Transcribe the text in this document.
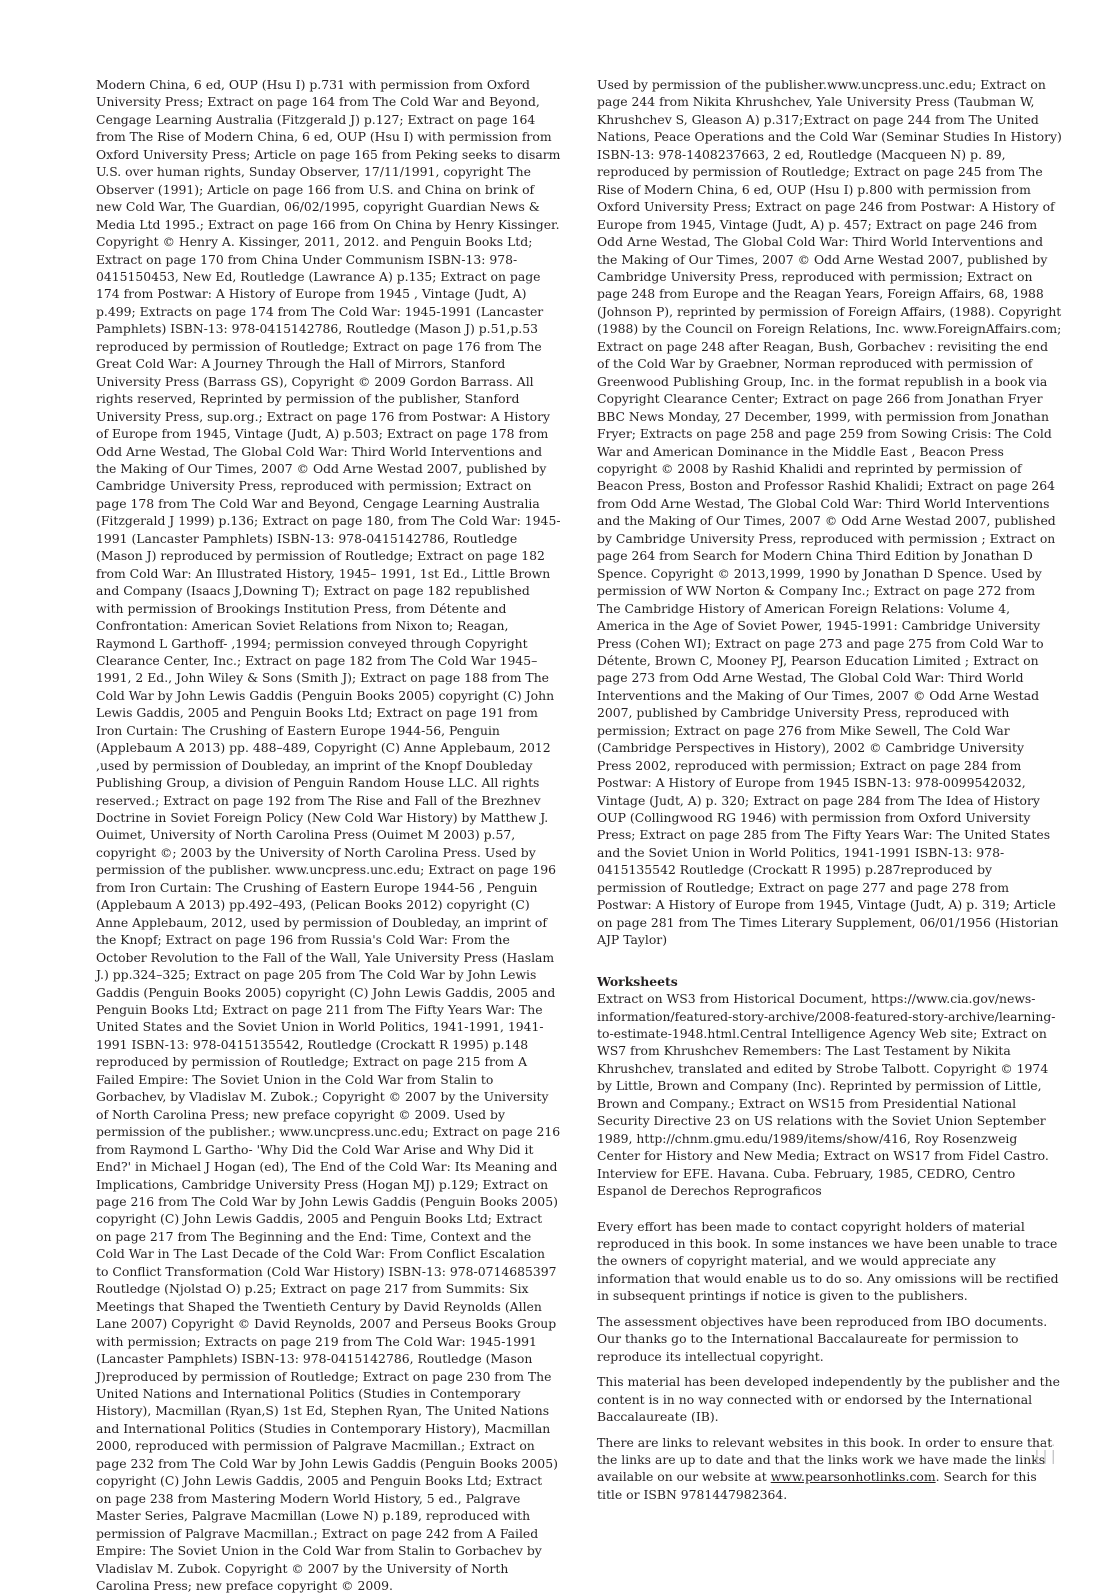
Modern China, 6 ed, OUP (Hsu I) p.731 with permission from Oxford University Press; Extract on page 164 from The Cold War and Beyond, Cengage Learning Australia (Fitzgerald J) p.127; Extract on page 164 from The Rise of Modern China, 6 ed, OUP (Hsu I) with permission from Oxford University Press; Article on page 165 from Peking seeks to disarm U.S. over human rights, Sunday Observer, 17/11/1991, copyright The Observer (1991); Article on page 166 from U.S. and China on brink of new Cold War, The Guardian, 06/02/1995, copyright Guardian News & Media Ltd 1995.; Extract on page 166 from On China by Henry Kissinger. Copyright © Henry A. Kissinger, 2011, 2012. and Penguin Books Ltd; Extract on page 170 from China Under Communism ISBN-13: 978-0415150453, New Ed, Routledge (Lawrance A) p.135; Extract on page 174 from Postwar: A History of Europe from 1945 , Vintage (Judt, A) p.499; Extracts on page 174 from The Cold War: 1945-1991 (Lancaster Pamphlets) ISBN-13: 978-0415142786, Routledge (Mason J) p.51,p.53 reproduced by permission of Routledge; Extract on page 176 from The Great Cold War: A Journey Through the Hall of Mirrors, Stanford University Press (Barrass GS), Copyright © 2009 Gordon Barrass. All rights reserved, Reprinted by permission of the publisher, Stanford University Press, sup.org.; Extract on page 176 from Postwar: A History of Europe from 1945, Vintage (Judt, A) p.503; Extract on page 178 from Odd Arne Westad, The Global Cold War: Third World Interventions and the Making of Our Times, 2007 © Odd Arne Westad 2007, published by Cambridge University Press, reproduced with permission; Extract on page 178 from The Cold War and Beyond, Cengage Learning Australia (Fitzgerald J 1999) p.136; Extract on page 180, from The Cold War: 1945-1991 (Lancaster Pamphlets) ISBN-13: 978-0415142786, Routledge (Mason J) reproduced by permission of Routledge; Extract on page 182 from Cold War: An Illustrated History, 1945– 1991, 1st Ed., Little Brown and Company (Isaacs J,Downing T); Extract on page 182 republished with permission of Brookings Institution Press, from Détente and Confrontation: American Soviet Relations from Nixon to; Reagan, Raymond L Garthoff- ,1994; permission conveyed through Copyright Clearance Center, Inc.; Extract on page 182 from The Cold War 1945–1991, 2 Ed., John Wiley & Sons (Smith J); Extract on page 188 from The Cold War by John Lewis Gaddis (Penguin Books 2005) copyright (C) John Lewis Gaddis, 2005 and Penguin Books Ltd; Extract on page 191 from Iron Curtain: The Crushing of Eastern Europe 1944-56, Penguin (Applebaum A 2013) pp. 488–489, Copyright (C) Anne Applebaum, 2012 ,used by permission of Doubleday, an imprint of the Knopf Doubleday Publishing Group, a division of Penguin Random House LLC. All rights reserved.; Extract on page 192 from The Rise and Fall of the Brezhnev Doctrine in Soviet Foreign Policy (New Cold War History) by Matthew J. Ouimet, University of North Carolina Press (Ouimet M 2003) p.57, copyright ©; 2003 by the University of North Carolina Press. Used by permission of the publisher. www.uncpress.unc.edu; Extract on page 196 from Iron Curtain: The Crushing of Eastern Europe 1944-56 , Penguin (Applebaum A 2013) pp.492–493, (Pelican Books 2012) copyright (C) Anne Applebaum, 2012, used by permission of Doubleday, an imprint of the Knopf; Extract on page 196 from Russia's Cold War: From the October Revolution to the Fall of the Wall, Yale University Press (Haslam J.) pp.324–325; Extract on page 205 from The Cold War by John Lewis Gaddis (Penguin Books 2005) copyright (C) John Lewis Gaddis, 2005 and Penguin Books Ltd; Extract on page 211 from The Fifty Years War: The United States and the Soviet Union in World Politics, 1941-1991, 1941-1991 ISBN-13: 978-0415135542, Routledge (Crockatt R 1995) p.148 reproduced by permission of Routledge; Extract on page 215 from A Failed Empire: The Soviet Union in the Cold War from Stalin to Gorbachev, by Vladislav M. Zubok.; Copyright © 2007 by the University of North Carolina Press; new preface copyright © 2009. Used by permission of the publisher.; www.uncpress.unc.edu; Extract on page 216 from Raymond L Gartho- 'Why Did the Cold War Arise and Why Did it End?' in Michael J Hogan (ed), The End of the Cold War: Its Meaning and Implications, Cambridge University Press (Hogan MJ) p.129; Extract on page 216 from The Cold War by John Lewis Gaddis (Penguin Books 2005) copyright (C) John Lewis Gaddis, 2005 and Penguin Books Ltd; Extract on page 217 from The Beginning and the End: Time, Context and the Cold War in The Last Decade of the Cold War: From Conflict Escalation to Conflict Transformation (Cold War History) ISBN-13: 978-0714685397 Routledge (Njolstad O) p.25; Extract on page 217 from Summits: Six Meetings that Shaped the Twentieth Century by David Reynolds (Allen Lane 2007) Copyright © David Reynolds, 2007 and Perseus Books Group with permission; Extracts on page 219 from The Cold War: 1945-1991 (Lancaster Pamphlets) ISBN-13: 978-0415142786, Routledge (Mason J)reproduced by permission of Routledge; Extract on page 230 from The United Nations and International Politics (Studies in Contemporary History), Macmillan (Ryan,S) 1st Ed, Stephen Ryan, The United Nations and International Politics (Studies in Contemporary History), Macmillan 2000, reproduced with permission of Palgrave Macmillan.; Extract on page 232 from The Cold War by John Lewis Gaddis (Penguin Books 2005) copyright (C) John Lewis Gaddis, 2005 and Penguin Books Ltd; Extract on page 238 from Mastering Modern World History, 5 ed., Palgrave Master Series, Palgrave Macmillan (Lowe N) p.189, reproduced with permission of Palgrave Macmillan.; Extract on page 242 from A Failed Empire: The Soviet Union in the Cold War from Stalin to Gorbachev by Vladislav M. Zubok. Copyright © 2007 by the University of North Carolina Press; new preface copyright © 2009.

Used by permission of the publisher.www.uncpress.unc.edu; Extract on page 244 from Nikita Khrushchev, Yale University Press (Taubman W, Khrushchev S, Gleason A) p.317;Extract on page 244 from The United Nations, Peace Operations and the Cold War (Seminar Studies In History) ISBN-13: 978-1408237663, 2 ed, Routledge (Macqueen N) p. 89, reproduced by permission of Routledge; Extract on page 245 from The Rise of Modern China, 6 ed, OUP (Hsu I) p.800 with permission from Oxford University Press; Extract on page 246 from Postwar: A History of Europe from 1945, Vintage (Judt, A) p. 457; Extract on page 246 from Odd Arne Westad, The Global Cold War: Third World Interventions and the Making of Our Times, 2007 © Odd Arne Westad 2007, published by Cambridge University Press, reproduced with permission; Extract on page 248 from Europe and the Reagan Years, Foreign Affairs, 68, 1988 (Johnson P), reprinted by permission of Foreign Affairs, (1988). Copyright (1988) by the Council on Foreign Relations, Inc. www.ForeignAffairs.com; Extract on page 248 after Reagan, Bush, Gorbachev : revisiting the end of the Cold War by Graebner, Norman reproduced with permission of Greenwood Publishing Group, Inc. in the format republish in a book via Copyright Clearance Center; Extract on page 266 from Jonathan Fryer BBC News Monday, 27 December, 1999, with permission from Jonathan Fryer; Extracts on page 258 and page 259 from Sowing Crisis: The Cold War and American Dominance in the Middle East , Beacon Press copyright © 2008 by Rashid Khalidi and reprinted by permission of Beacon Press, Boston and Professor Rashid Khalidi; Extract on page 264 from Odd Arne Westad, The Global Cold War: Third World Interventions and the Making of Our Times, 2007 © Odd Arne Westad 2007, published by Cambridge University Press, reproduced with permission ; Extract on page 264 from Search for Modern China Third Edition by Jonathan D Spence. Copyright © 2013,1999, 1990 by Jonathan D Spence. Used by permission of WW Norton & Company Inc.; Extract on page 272 from The Cambridge History of American Foreign Relations: Volume 4, America in the Age of Soviet Power, 1945-1991: Cambridge University Press (Cohen WI); Extract on page 273 and page 275 from Cold War to Détente, Brown C, Mooney PJ, Pearson Education Limited ; Extract on page 273 from Odd Arne Westad, The Global Cold War: Third World Interventions and the Making of Our Times, 2007 © Odd Arne Westad 2007, published by Cambridge University Press, reproduced with permission; Extract on page 276 from Mike Sewell, The Cold War (Cambridge Perspectives in History), 2002 © Cambridge University Press 2002, reproduced with permission; Extract on page 284 from Postwar: A History of Europe from 1945 ISBN-13: 978-0099542032, Vintage (Judt, A) p. 320; Extract on page 284 from The Idea of History OUP (Collingwood RG 1946) with permission from Oxford University Press; Extract on page 285 from The Fifty Years War: The United States and the Soviet Union in World Politics, 1941-1991 ISBN-13: 978-0415135542 Routledge (Crockatt R 1995) p.287reproduced by permission of Routledge; Extract on page 277 and page 278 from Postwar: A History of Europe from 1945, Vintage (Judt, A) p. 319; Article on page 281 from The Times Literary Supplement, 06/01/1956 (Historian AJP Taylor)

Worksheets

Extract on WS3 from Historical Document, https://www.cia.gov/news-information/featured-story-archive/2008-featured-story-archive/learning-to-estimate-1948.html.Central Intelligence Agency Web site; Extract on WS7 from Khrushchev Remembers: The Last Testament by Nikita Khrushchev, translated and edited by Strobe Talbott. Copyright © 1974 by Little, Brown and Company (Inc). Reprinted by permission of Little, Brown and Company.; Extract on WS15 from Presidential National Security Directive 23 on US relations with the Soviet Union September 1989, http://chnm.gmu.edu/1989/items/show/416, Roy Rosenzweig Center for History and New Media; Extract on WS17 from Fidel Castro. Interview for EFE. Havana. Cuba. February, 1985, CEDRO, Centro Espanol de Derechos Reprograficos

Every effort has been made to contact copyright holders of material reproduced in this book. In some instances we have been unable to trace the owners of copyright material, and we would appreciate any information that would enable us to do so. Any omissions will be rectified in subsequent printings if notice is given to the publishers.

The assessment objectives have been reproduced from IBO documents. Our thanks go to the International Baccalaureate for permission to reproduce its intellectual copyright.

This material has been developed independently by the publisher and the content is in no way connected with or endorsed by the International Baccalaureate (IB).

There are links to relevant websites in this book. In order to ensure that the links are up to date and that the links work we have made the links available on our website at www.pearsonhotlinks.com. Search for this title or ISBN 9781447982364.

iii
